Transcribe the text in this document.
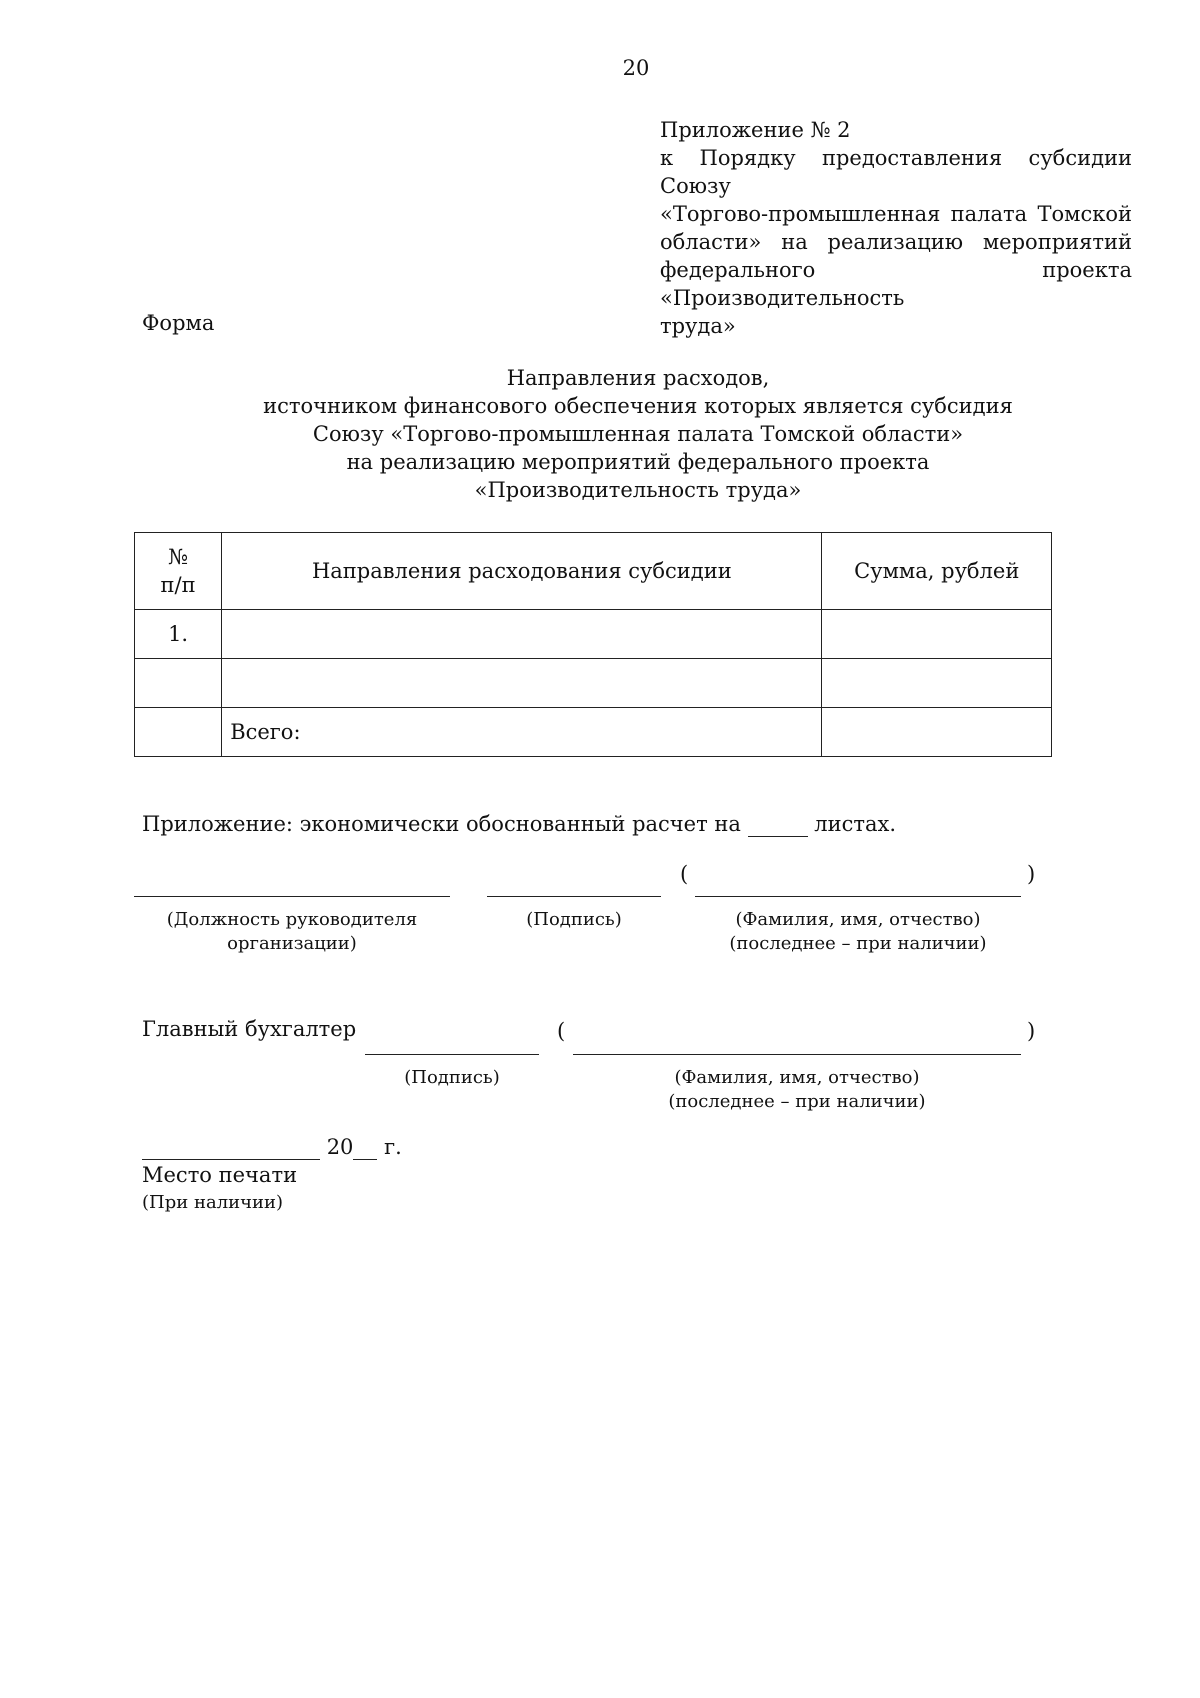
20
Приложение № 2
к Порядку предоставления субсидии Союзу
«Торгово-промышленная палата Томской
области» на реализацию мероприятий
федерального проекта «Производительность
труда»
Форма
Направления расходов,
источником финансового обеспечения которых является субсидия
Союзу «Торгово-промышленная палата Томской области»
на реализацию мероприятий федерального проекта
«Производительность труда»
№
п/п	Направления расходования субсидии	Сумма, рублей
1.		

	Всего:	
Приложение: экономически обоснованный расчет на	листах.
(	)
(Должность руководителя
организации)
(Подпись)	(Фамилия, имя, отчество)
(последнее – при наличии)
Главный бухгалтер	(	)
(Подпись)	(Фамилия, имя, отчество)
(последнее – при наличии)
20 г.
Место печати
(При наличии)
